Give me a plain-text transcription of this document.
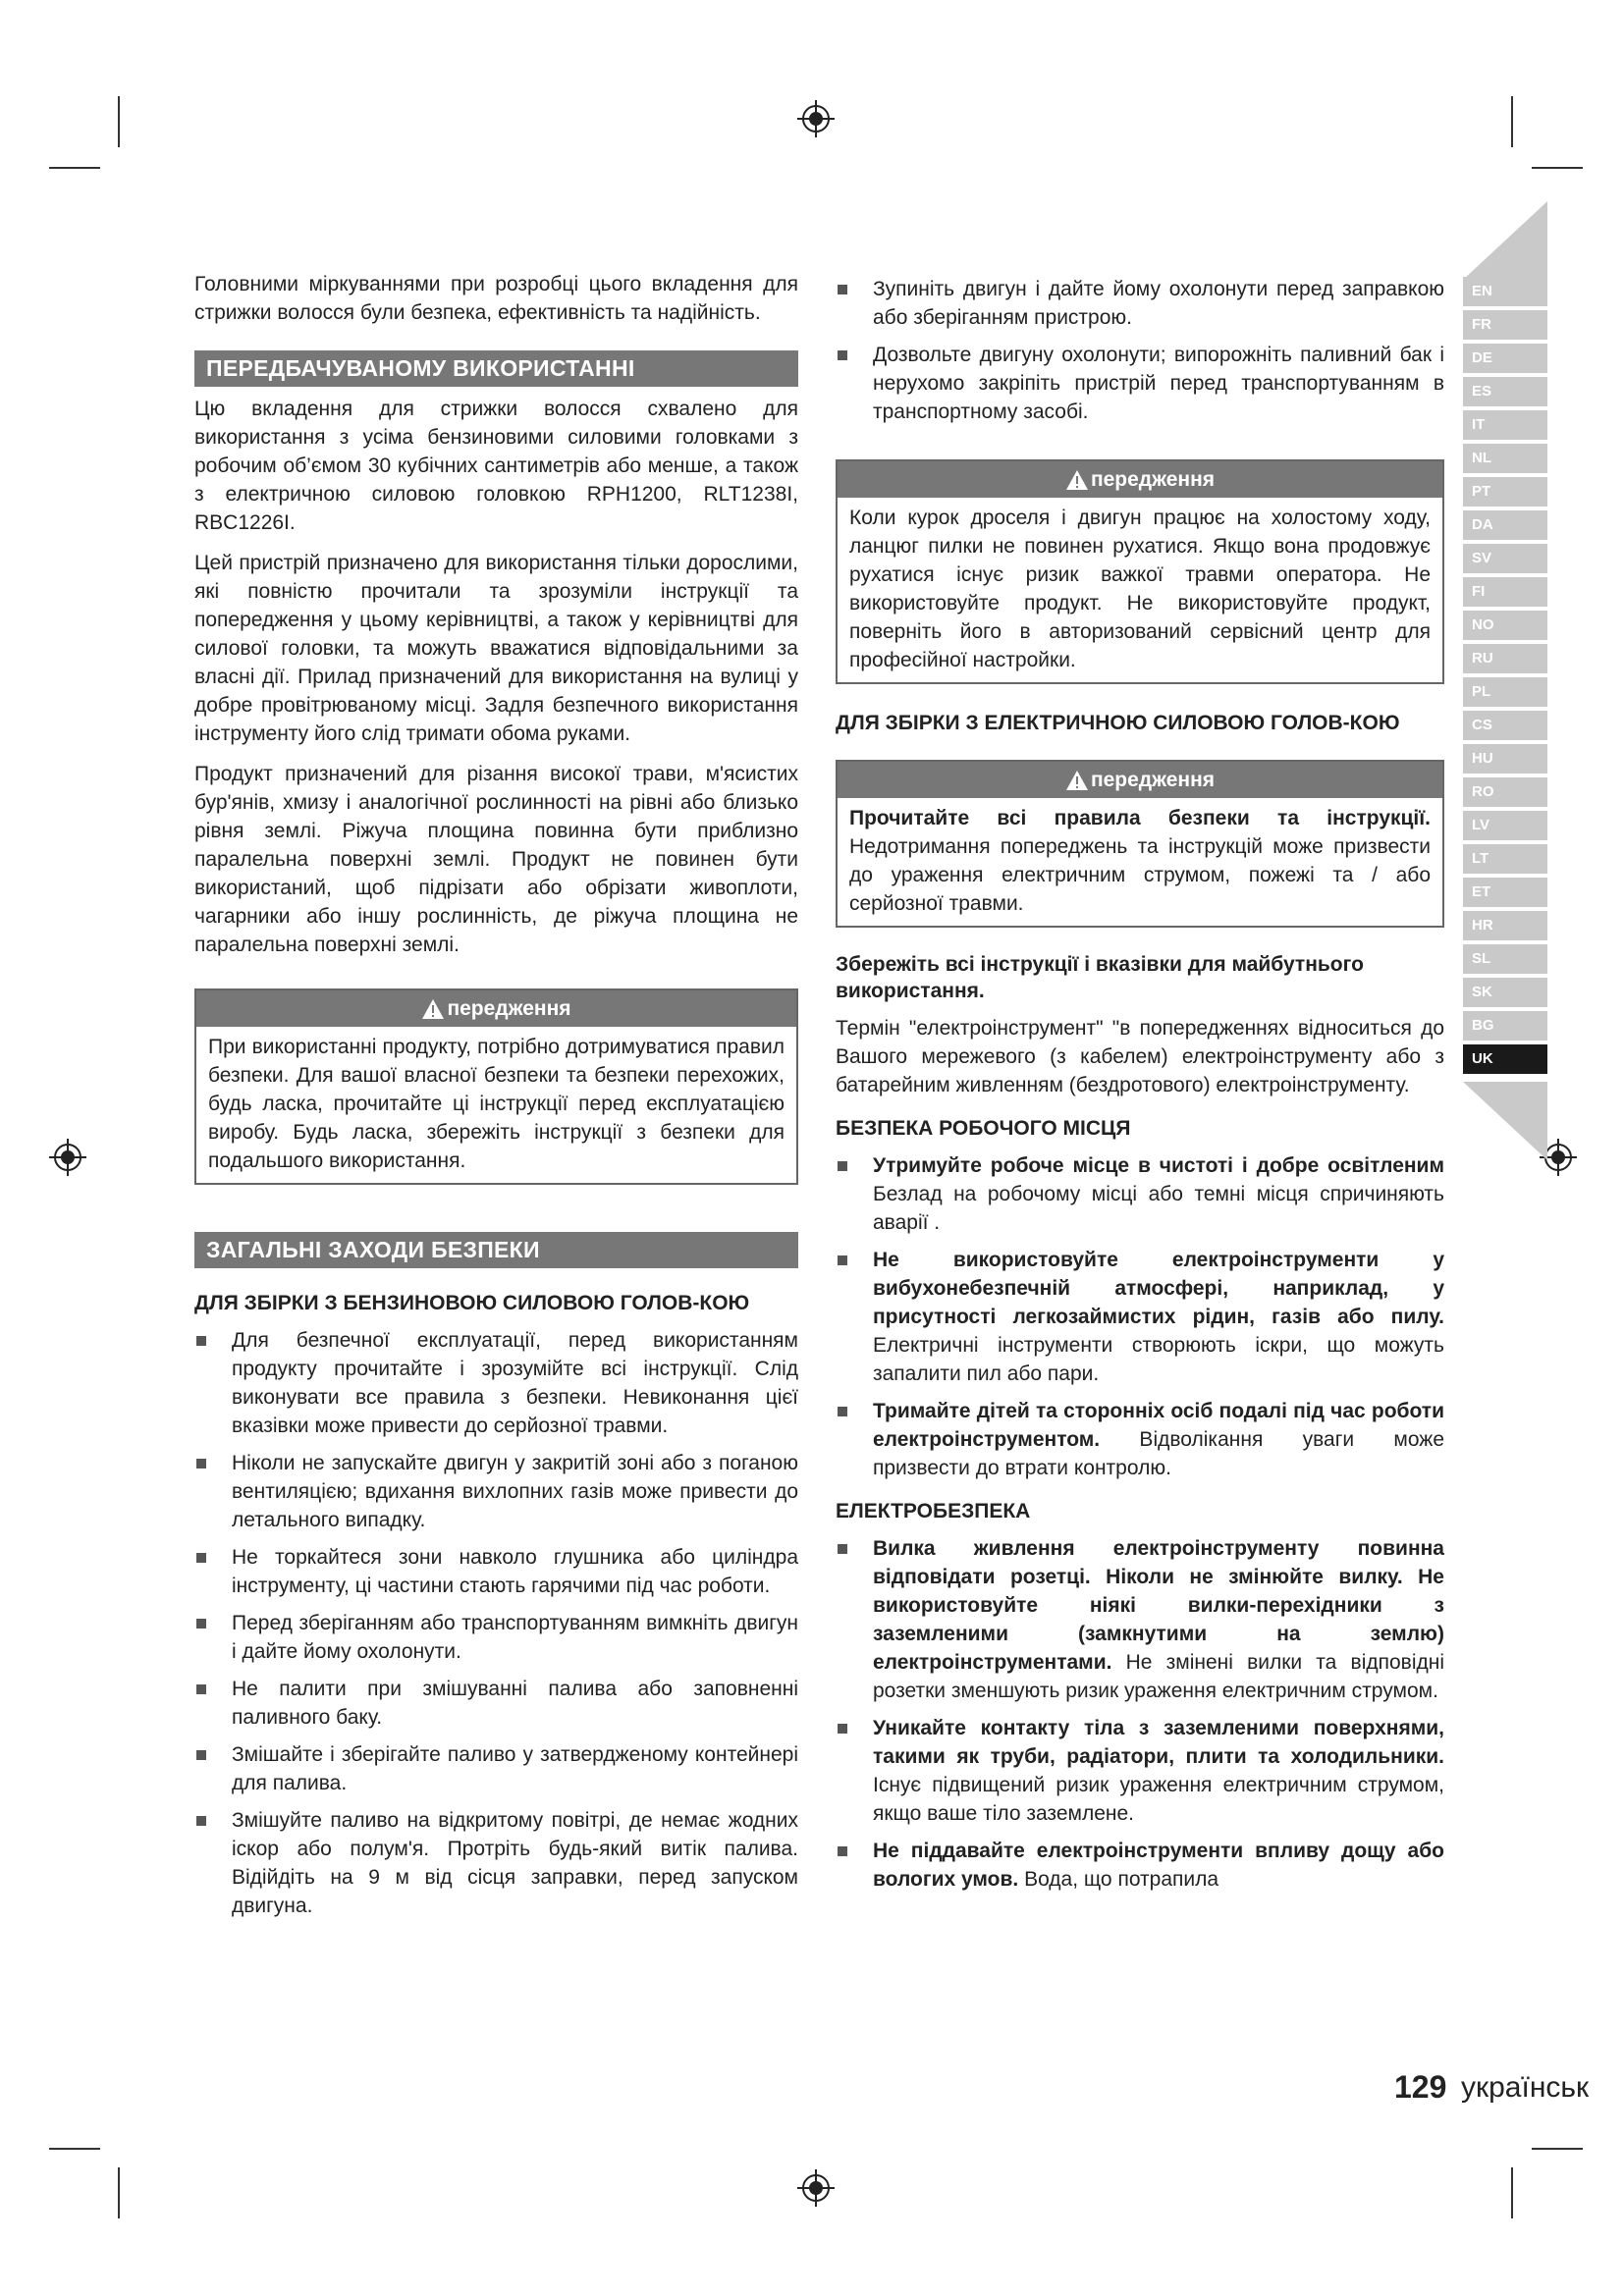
Головними міркуваннями при розробці цього вкладення для стрижки волосся були безпека, ефективність та надійність.

ПЕРЕДБАЧУВАНОМУ ВИКОРИСТАННІ

Цю вкладення для стрижки волосся схвалено для використання з усіма бензиновими силовими головками з робочим об’ємом 30 кубічних сантиметрів або менше, а також з електричною силовою головкою RPH1200, RLT1238I, RBC1226I.

Цей пристрій призначено для використання тільки дорослими, які повністю прочитали та зрозуміли інструкції та попередження у цьому керівництві, а також у керівництві для силової головки, та можуть вважатися відповідальними за власні дії. Прилад призначений для використання на вулиці у добре провітрюваному місці. Задля безпечного використання інструменту його слід тримати обома руками.

Продукт призначений для різання високої трави, м'ясистих бур'янів, хмизу і аналогічної рослинності на рівні або близько рівня землі. Ріжуча площина повинна бути приблизно паралельна поверхні землі. Продукт не повинен бути використаний, щоб підрізати або обрізати живоплоти, чагарники або іншу рослинність, де ріжуча площина не паралельна поверхні землі.

передження
При використанні продукту, потрібно дотримуватися правил безпеки. Для вашої власної безпеки та безпеки перехожих, будь ласка, прочитайте ці інструкції перед експлуатацією виробу. Будь ласка, збережіть інструкції з безпеки для подальшого використання.
ЗАГАЛЬНІ ЗАХОДИ БЕЗПЕКИ
ДЛЯ ЗБІРКИ З БЕНЗИНОВОЮ СИЛОВОЮ ГОЛОВ-КОЮ
Для безпечної експлуатації, перед використанням продукту прочитайте і зрозумійте всі інструкції. Слід виконувати все правила з безпеки. Невиконання цієї вказівки може привести до серйозної травми.
Ніколи не запускайте двигун у закритій зоні або з поганою вентиляцією; вдихання вихлопних газів може привести до летального випадку.
Не торкайтеся зони навколо глушника або циліндра інструменту, ці частини стають гарячими під час роботи.
Перед зберіганням або транспортуванням вимкніть двигун і дайте йому охолонути.
Не палити при змішуванні палива або заповненні паливного баку.
Змішайте і зберігайте паливо у затвердженому контейнері для палива.
Змішуйте паливо на відкритому повітрі, де немає жодних іскор або полум'я. Протріть будь-який витік палива. Відійдіть на 9 м від сісця заправки, перед запуском двигуна.
Зупиніть двигун і дайте йому охолонути перед заправкою або зберіганням пристрою.
Дозвольте двигуну охолонути; випорожніть паливний бак і нерухомо закріпіть пристрій перед транспортуванням в транспортному засобі.
передження
Коли курок дроселя і двигун працює на холостому ходу, ланцюг пилки не повинен рухатися. Якщо вона продовжує рухатися існує ризик важкої травми оператора. Не використовуйте продукт. Не використовуйте продукт, поверніть його в авторизований сервісний центр для професійної настройки.
ДЛЯ ЗБІРКИ З ЕЛЕКТРИЧНОЮ СИЛОВОЮ ГОЛОВ-КОЮ
передження
Прочитайте всі правила безпеки та інструкції. Недотримання попереджень та інструкцій може призвести до ураження електричним струмом, пожежі та / або серйозної травми.
Збережіть всі інструкції і вказівки для майбутнього використання.

Термін "електроінструмент" "в попередженнях відноситься до Вашого мережевого (з кабелем) електроінструменту або з батарейним живленням (бездротового) електроінструменту.

БЕЗПЕКА РОБОЧОГО МІСЦЯ
Утримуйте робоче місце в чистоті і добре освітленим Безлад на робочому місці або темні місця спричиняють аварії .
Не використовуйте електроінструменти у вибухонебезпечній атмосфері, наприклад, у присутності легкозаймистих рідин, газів або пилу. Електричні інструменти створюють іскри, що можуть запалити пил або пари.
Тримайте дітей та сторонніх осіб подалі під час роботи електроінструментом. Відволікання уваги може призвести до втрати контролю.
ЕЛЕКТРОБЕЗПЕКА
Вилка живлення електроінструменту повинна відповідати розетці. Ніколи не змінюйте вилку. Не використовуйте ніякі вилки-перехідники з заземленими (замкнутими на землю) електроінструментами. Не змінені вилки та відповідні розетки зменшують ризик ураження електричним струмом.
Уникайте контакту тіла з заземленими поверхнями, такими як труби, радіатори, плити та холодильники. Існує підвищений ризик ураження електричним струмом, якщо ваше тіло заземлене.
Не піддавайте електроінструменти впливу дощу або вологих умов. Вода, що потрапила
EN
FR
DE
ES
IT
NL
PT
DA
SV
FI
NO
RU
PL
CS
HU
RO
LV
LT
ET
HR
SL
SK
BG
UK
129 українськ
